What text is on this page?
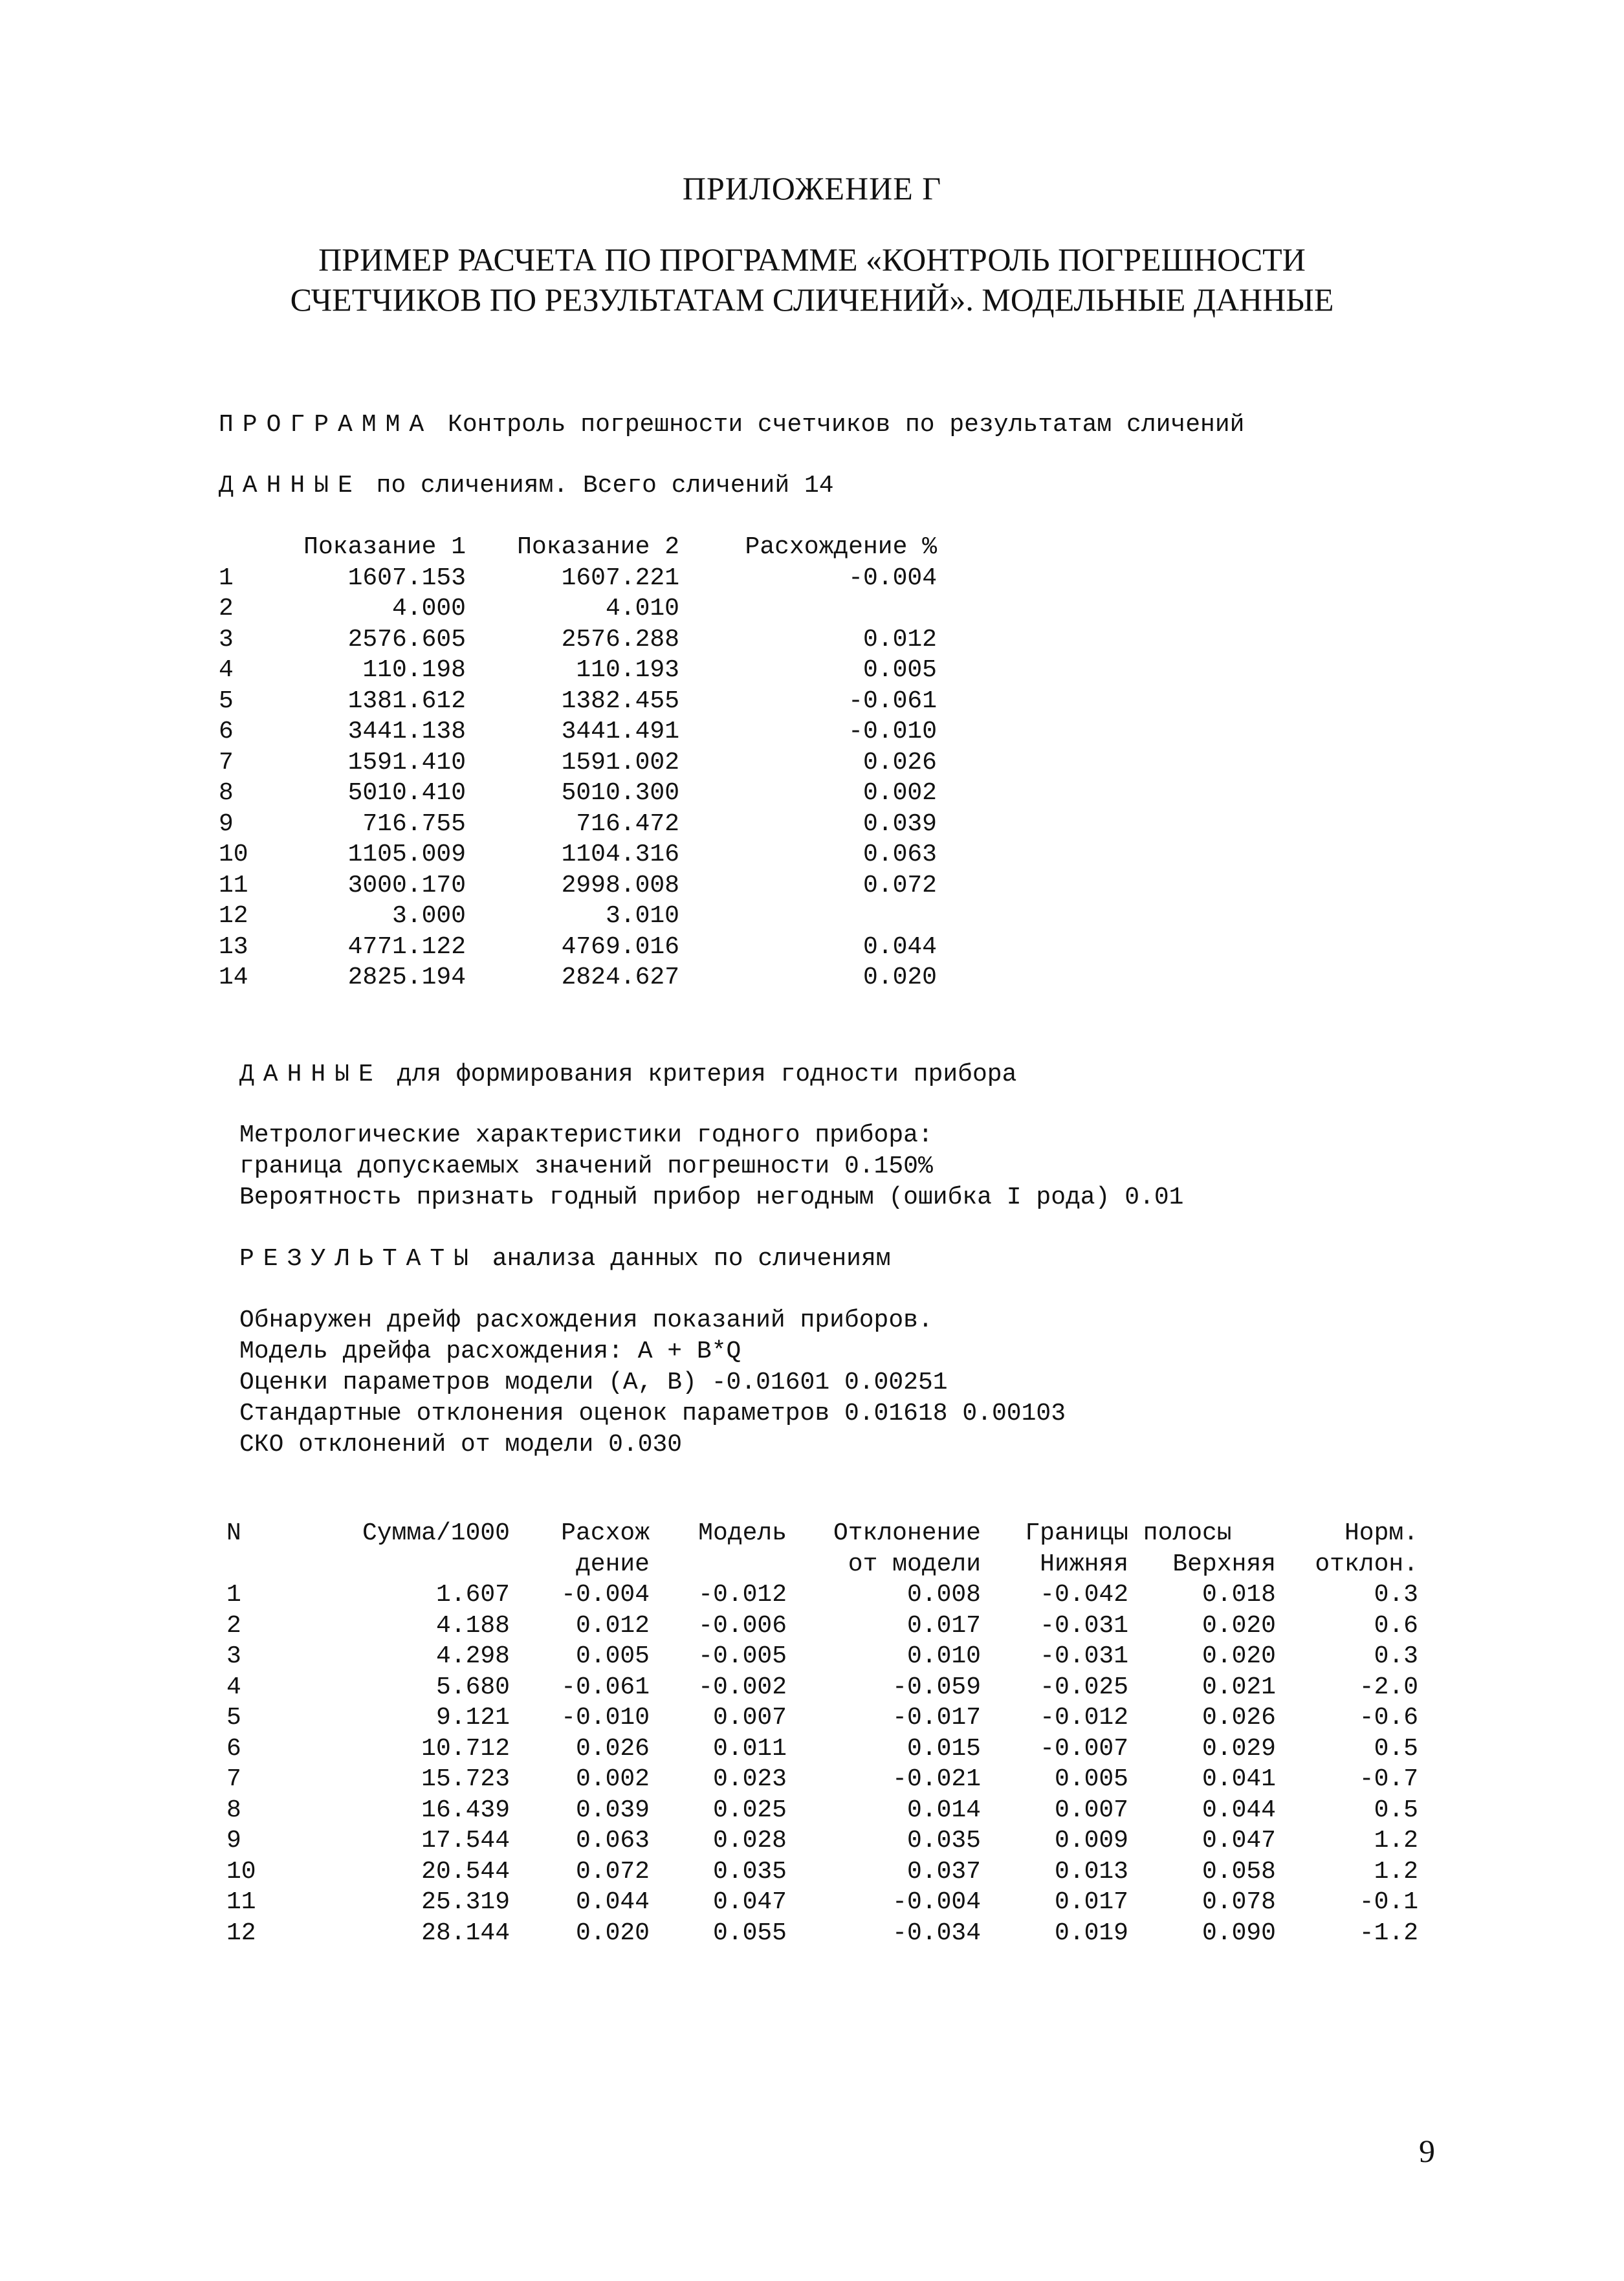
ПРИЛОЖЕНИЕ Г
ПРИМЕР РАСЧЕТА ПО ПРОГРАММЕ «КОНТРОЛЬ ПОГРЕШНОСТИ
СЧЕТЧИКОВ ПО РЕЗУЛЬТАТАМ СЛИЧЕНИЙ». МОДЕЛЬНЫЕ ДАННЫЕ
ПРОГРАММА Контроль погрешности счетчиков по результатам сличений
ДАННЫЕ по сличениям. Всего сличений 14
	Показание 1	Показание 2	Расхождение %
1	1607.153	1607.221	-0.004
2	4.000	4.010	
3	2576.605	2576.288	0.012
4	110.198	110.193	0.005
5	1381.612	1382.455	-0.061
6	3441.138	3441.491	-0.010
7	1591.410	1591.002	0.026
8	5010.410	5010.300	0.002
9	716.755	716.472	0.039
10	1105.009	1104.316	0.063
11	3000.170	2998.008	0.072
12	3.000	3.010	
13	4771.122	4769.016	0.044
14	2825.194	2824.627	0.020
ДАННЫЕ для формирования критерия годности прибора
Метрологические характеристики годного прибора:
граница допускаемых значений погрешности 0.150%
Вероятность признать годный прибор негодным (ошибка I рода) 0.01
РЕЗУЛЬТАТЫ анализа данных по сличениям
Обнаружен дрейф расхождения показаний приборов.
Модель дрейфа расхождения: A + B*Q
Оценки параметров модели (A, B) -0.01601 0.00251
Стандартные отклонения оценок параметров 0.01618 0.00103
СКО отклонений от модели 0.030
N	Сумма/1000	Расхож	Модель	Отклонение	Границы полосы		Норм.
		дение		от модели	Нижняя	Верхняя	отклон.
1	1.607	-0.004	-0.012	0.008	-0.042	0.018	0.3
2	4.188	0.012	-0.006	0.017	-0.031	0.020	0.6
3	4.298	0.005	-0.005	0.010	-0.031	0.020	0.3
4	5.680	-0.061	-0.002	-0.059	-0.025	0.021	-2.0
5	9.121	-0.010	0.007	-0.017	-0.012	0.026	-0.6
6	10.712	0.026	0.011	0.015	-0.007	0.029	0.5
7	15.723	0.002	0.023	-0.021	0.005	0.041	-0.7
8	16.439	0.039	0.025	0.014	0.007	0.044	0.5
9	17.544	0.063	0.028	0.035	0.009	0.047	1.2
10	20.544	0.072	0.035	0.037	0.013	0.058	1.2
11	25.319	0.044	0.047	-0.004	0.017	0.078	-0.1
12	28.144	0.020	0.055	-0.034	0.019	0.090	-1.2
9
